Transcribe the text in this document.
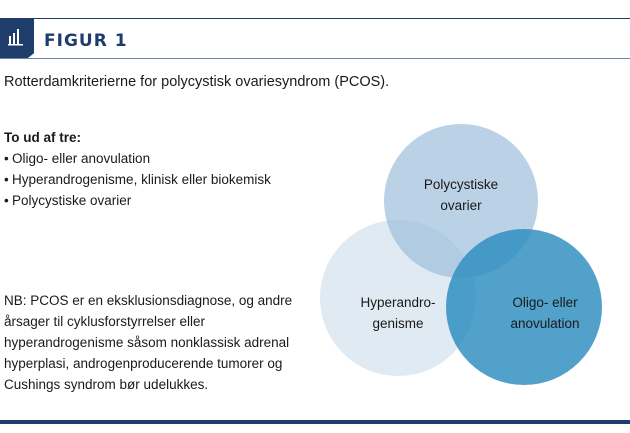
FIGUR 1
Rotterdamkriterierne for polycystisk ovariesyndrom (PCOS).
To ud af tre:
• Oligo- eller anovulation
• Hyperandrogenisme, klinisk eller biokemisk
• Polycystiske ovarier
NB: PCOS er en eksklusionsdiagnose, og andre årsager til cyklusforstyrrelser eller hyperandrogenisme såsom nonklassisk adrenal hyperplasi, androgenproducerende tumorer og Cushings syndrom bør udelukkes.
Polycystiske
ovarier
Hyperandro-
genisme
Oligo- eller
anovulation
